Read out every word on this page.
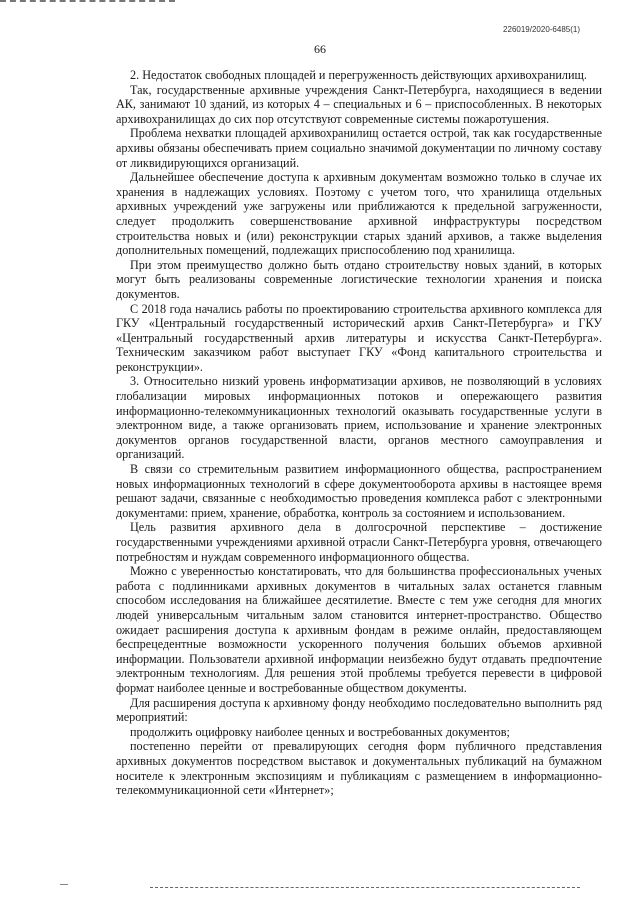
226019/2020-6485(1)
66

2. Недостаток свободных площадей и перегруженность действующих архивохранилищ.

Так, государственные архивные учреждения Санкт-Петербурга, находящиеся в ведении АК, занимают 10 зданий, из которых 4 – специальных и 6 – приспособленных. В некоторых архивохранилищах до сих пор отсутствуют современные системы пожаротушения.

Проблема нехватки площадей архивохранилищ остается острой, так как государственные архивы обязаны обеспечивать прием социально значимой документации по личному составу от ликвидирующихся организаций.

Дальнейшее обеспечение доступа к архивным документам возможно только в случае их хранения в надлежащих условиях. Поэтому с учетом того, что хранилища отдельных архивных учреждений уже загружены или приближаются к предельной загруженности, следует продолжить совершенствование архивной инфраструктуры посредством строительства новых и (или) реконструкции старых зданий архивов, а также выделения дополнительных помещений, подлежащих приспособлению под хранилища.

При этом преимущество должно быть отдано строительству новых зданий, в которых могут быть реализованы современные логистические технологии хранения и поиска документов.

С 2018 года начались работы по проектированию строительства архивного комплекса для ГКУ «Центральный государственный исторический архив Санкт-Петербурга» и ГКУ «Центральный государственный архив литературы и искусства Санкт-Петербурга». Техническим заказчиком работ выступает ГКУ «Фонд капитального строительства и реконструкции».

3. Относительно низкий уровень информатизации архивов, не позволяющий в условиях глобализации мировых информационных потоков и опережающего развития информационно-телекоммуникационных технологий оказывать государственные услуги в электронном виде, а также организовать прием, использование и хранение электронных документов органов государственной власти, органов местного самоуправления и организаций.

В связи со стремительным развитием информационного общества, распространением новых информационных технологий в сфере документооборота архивы в настоящее время решают задачи, связанные с необходимостью проведения комплекса работ с электронными документами: прием, хранение, обработка, контроль за состоянием и использованием.

Цель развития архивного дела в долгосрочной перспективе – достижение государственными учреждениями архивной отрасли Санкт-Петербурга уровня, отвечающего потребностям и нуждам современного информационного общества.

Можно с уверенностью констатировать, что для большинства профессиональных ученых работа с подлинниками архивных документов в читальных залах останется главным способом исследования на ближайшее десятилетие. Вместе с тем уже сегодня для многих людей универсальным читальным залом становится интернет-пространство. Общество ожидает расширения доступа к архивным фондам в режиме онлайн, предоставляющем беспрецедентные возможности ускоренного получения больших объемов архивной информации. Пользователи архивной информации неизбежно будут отдавать предпочтение электронным технологиям. Для решения этой проблемы требуется перевести в цифровой формат наиболее ценные и востребованные обществом документы.

Для расширения доступа к архивному фонду необходимо последовательно выполнить ряд мероприятий:

продолжить оцифровку наиболее ценных и востребованных документов;

постепенно перейти от превалирующих сегодня форм публичного представления архивных документов посредством выставок и документальных публикаций на бумажном носителе к электронным экспозициям и публикациям с размещением в информационно-телекоммуникационной сети «Интернет»;
